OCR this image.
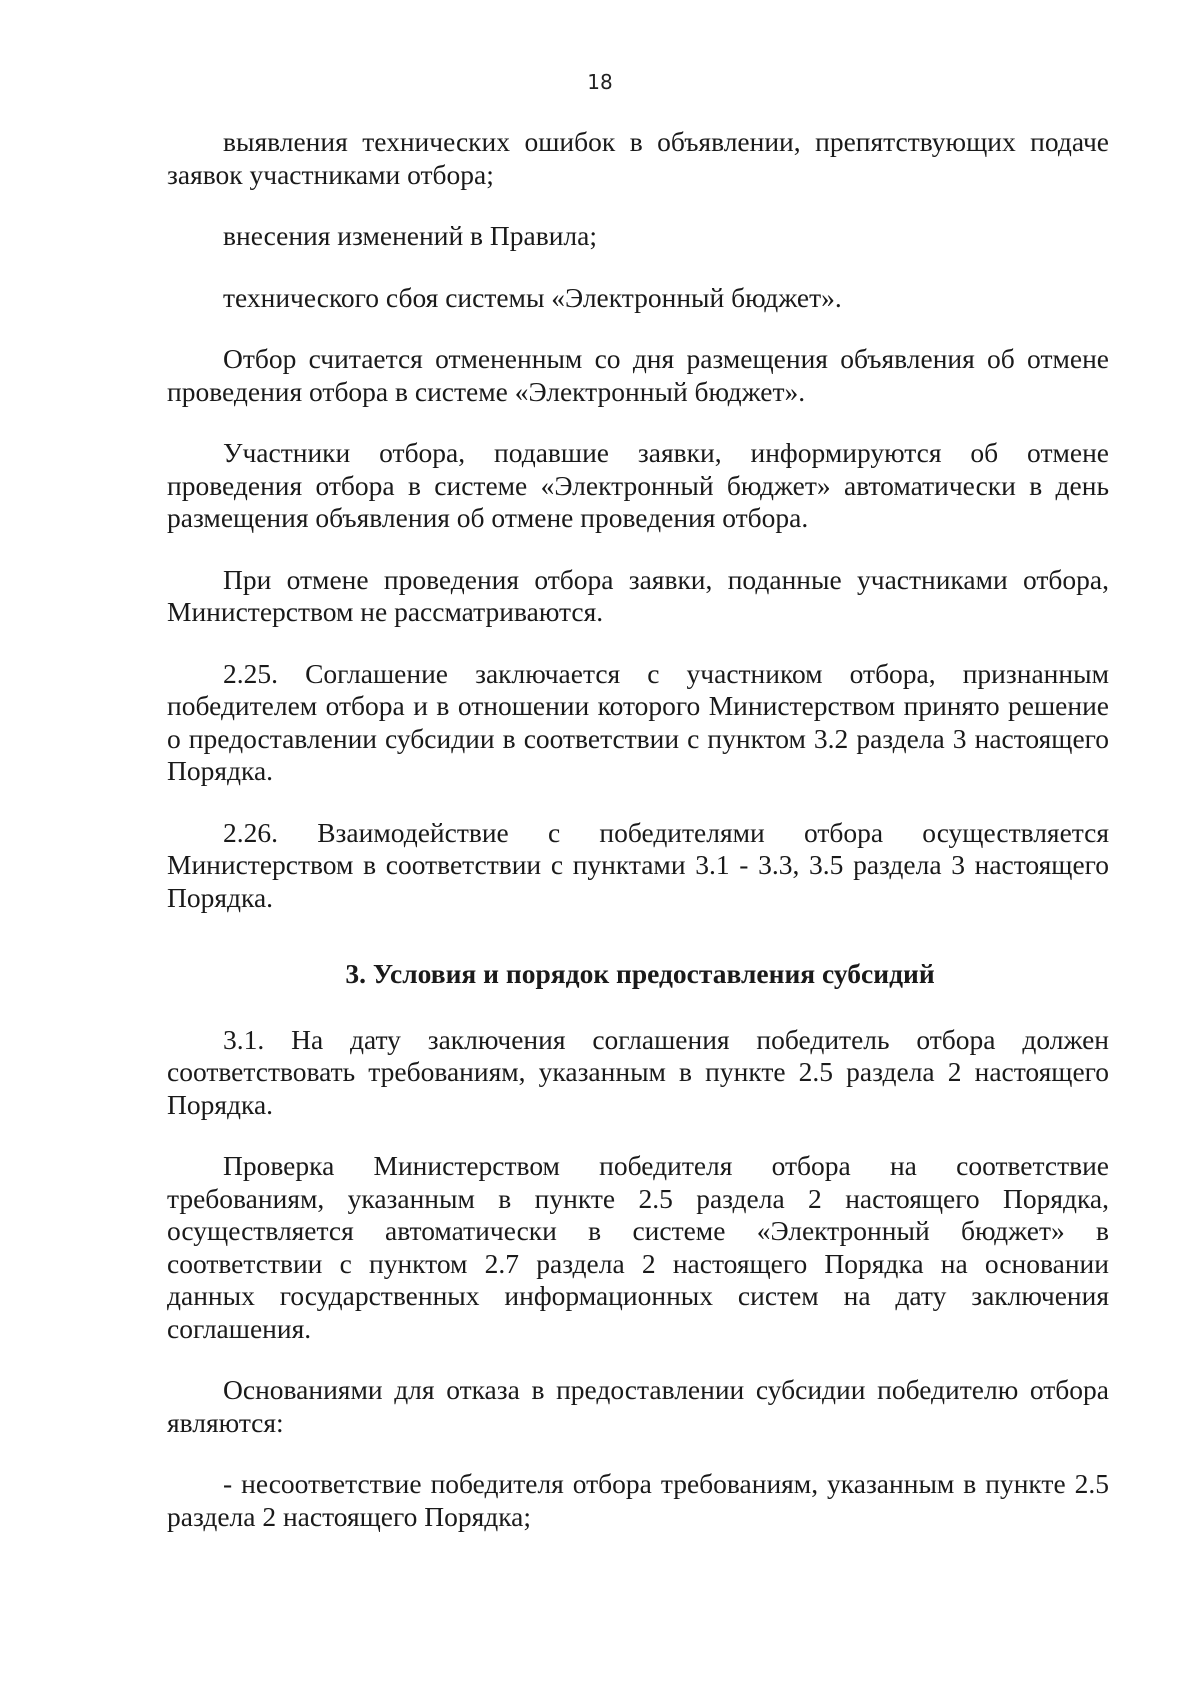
18

выявления технических ошибок в объявлении, препятствующих подаче заявок участниками отбора;

внесения изменений в Правила;

технического сбоя системы «Электронный бюджет».

Отбор считается отмененным со дня размещения объявления об отмене проведения отбора в системе «Электронный бюджет».

Участники отбора, подавшие заявки, информируются об отмене проведения отбора в системе «Электронный бюджет» автоматически в день размещения объявления об отмене проведения отбора.

При отмене проведения отбора заявки, поданные участниками отбора, Министерством не рассматриваются.

2.25. Соглашение заключается с участником отбора, признанным победителем отбора и в отношении которого Министерством принято решение о предоставлении субсидии в соответствии с пунктом 3.2 раздела 3 настоящего Порядка.

2.26. Взаимодействие с победителями отбора осуществляется Министерством в соответствии с пунктами 3.1 - 3.3, 3.5 раздела 3 настоящего Порядка.

3. Условия и порядок предоставления субсидий

3.1. На дату заключения соглашения победитель отбора должен соответствовать требованиям, указанным в пункте 2.5 раздела 2 настоящего Порядка.

Проверка Министерством победителя отбора на соответствие требованиям, указанным в пункте 2.5 раздела 2 настоящего Порядка, осуществляется автоматически в системе «Электронный бюджет» в соответствии с пунктом 2.7 раздела 2 настоящего Порядка на основании данных государственных информационных систем на дату заключения соглашения.

Основаниями для отказа в предоставлении субсидии победителю отбора являются:

- несоответствие победителя отбора требованиям, указанным в пункте 2.5 раздела 2 настоящего Порядка;
